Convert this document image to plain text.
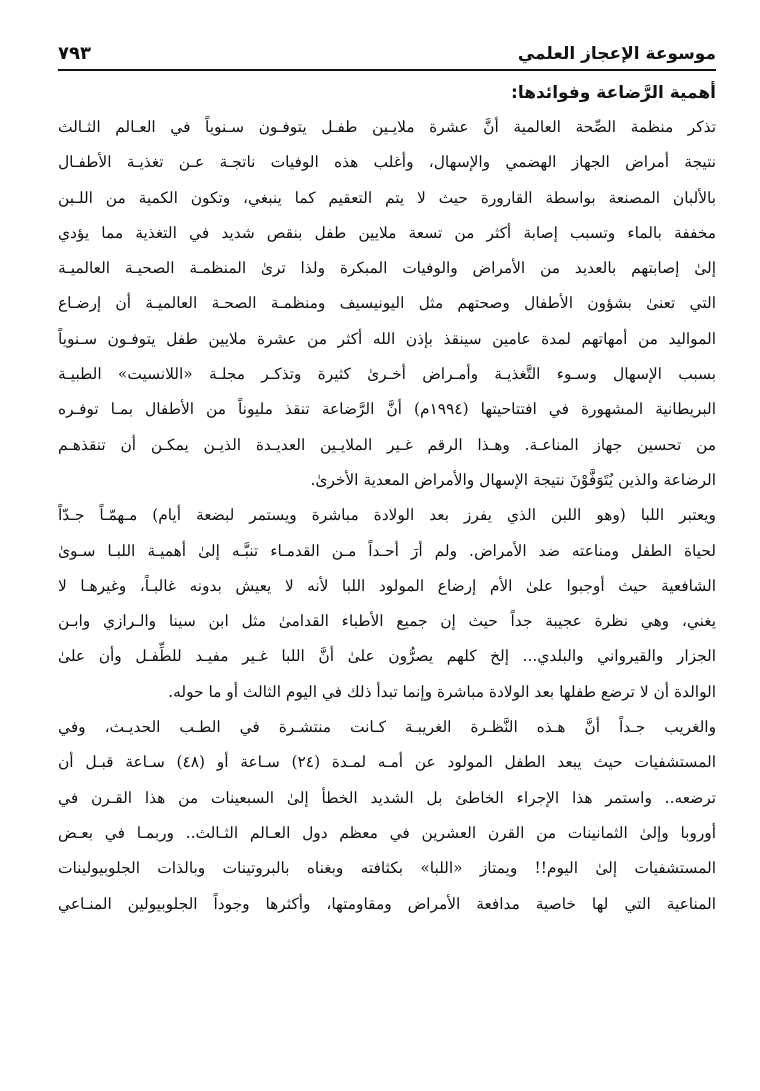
موسوعة الإعجاز العلمي
٧٩٣
أهمية الرَّضاعة وفوائدها:
تذكر منظمة الصِّحة العالمية أنَّ عشرة ملايـين طفـل يتوفـون سـنوياً في العـالم الثـالث
نتيجة أمراض الجهاز الهضمي والإسهال، وأغلب هذه الوفيات ناتجـة عـن تغذيـة الأطفـال
بالألبان المصنعة بواسطة القارورة حيث لا يتم التعقيم كما ينبغي، وتكون الكمية من اللـبن
مخففة بالماء وتسبب إصابة أكثر من تسعة ملايين طفل بنقص شديد في التغذية مما يؤدي
إلىٰ إصابتهم بالعديد من الأمراض والوفيات المبكرة ولذا ترىٰ المنظمـة الصحيـة العالميـة
التي تعنىٰ بشؤون الأطفال وصحتهم مثل اليونيسيف ومنظمـة الصحـة العالميـة أن إرضـاع
المواليد من أمهاتهم لمدة عامين سينقذ بإذن الله أكثر من عشرة ملايين طفل يتوفـون سـنوياً
بسبب الإسهال وسـوء التَّغذيـة وأمـراض أخـرىٰ كثيرة وتذكـر مجلـة «اللانسيت» الطبيـة
البريطانية المشهورة في افتتاحيتها (١٩٩٤م) أنَّ الرَّضاعة تنقذ مليوناً من الأطفال بمـا توفـره
من تحسين جهاز المناعـة. وهـذا الرقم غـير الملايـين العديـدة الذيـن يمكـن أن تنقذهـم
الرضاعة والذين يُتَوَفَّوْنَ نتيجة الإسهال والأمراض المعدية الأخرىٰ.
ويعتبر اللبا (وهو اللبن الذي يفرز بعد الولادة مباشرة ويستمر لبضعة أيام) مـهمّـاً جـدّاً
لحياة الطفل ومناعته ضد الأمراض. ولم أرَ أحـداً مـن القدمـاء تنبَّـه إلىٰ أهميـة اللبـا سـوىٰ
الشافعية حيث أوجبوا علىٰ الأم إرضاع المولود اللبا لأنه لا يعيش بدونه غالبـاً، وغيرهـا لا
يغني، وهي نظرة عجيبة جداً حيث إن جميع الأطباء القدامىٰ مثل ابن سينا والـرازي وابـن
الجزار والقيرواني والبلدي... إلخ كلهم يصرُّون علىٰ أنَّ اللبا غـير مفيـد للطِّفـل وأن علىٰ
الوالدة أن لا ترضع طفلها بعد الولادة مباشرة وإنما تبدأ ذلك في اليوم الثالث أو ما حوله.
والغريب جـداً أنَّ هـذه النَّظـرة الغريبـة كـانت منتشـرة في الطـب الحديـث، وفي
المستشفيات حيث يبعد الطفل المولود عن أمـه لمـدة (٢٤) سـاعة أو (٤٨) سـاعة قبـل أن
ترضعه.. واستمر هذا الإجراء الخاطئ بل الشديد الخطأ إلىٰ السبعينات من هذا القـرن في
أوروبا وإلىٰ الثمانينات من القرن العشرين في معظم دول العـالم الثـالث.. وربمـا في بعـض
المستشفيات إلىٰ اليوم!! ويمتاز «اللبا» بكثافته وبغناه بالبروتينات وبالذات الجلوبيولينات
المناعية التي لها خاصية مدافعة الأمراض ومقاومتها، وأكثرها وجوداً الجلوبيولين المنـاعي
